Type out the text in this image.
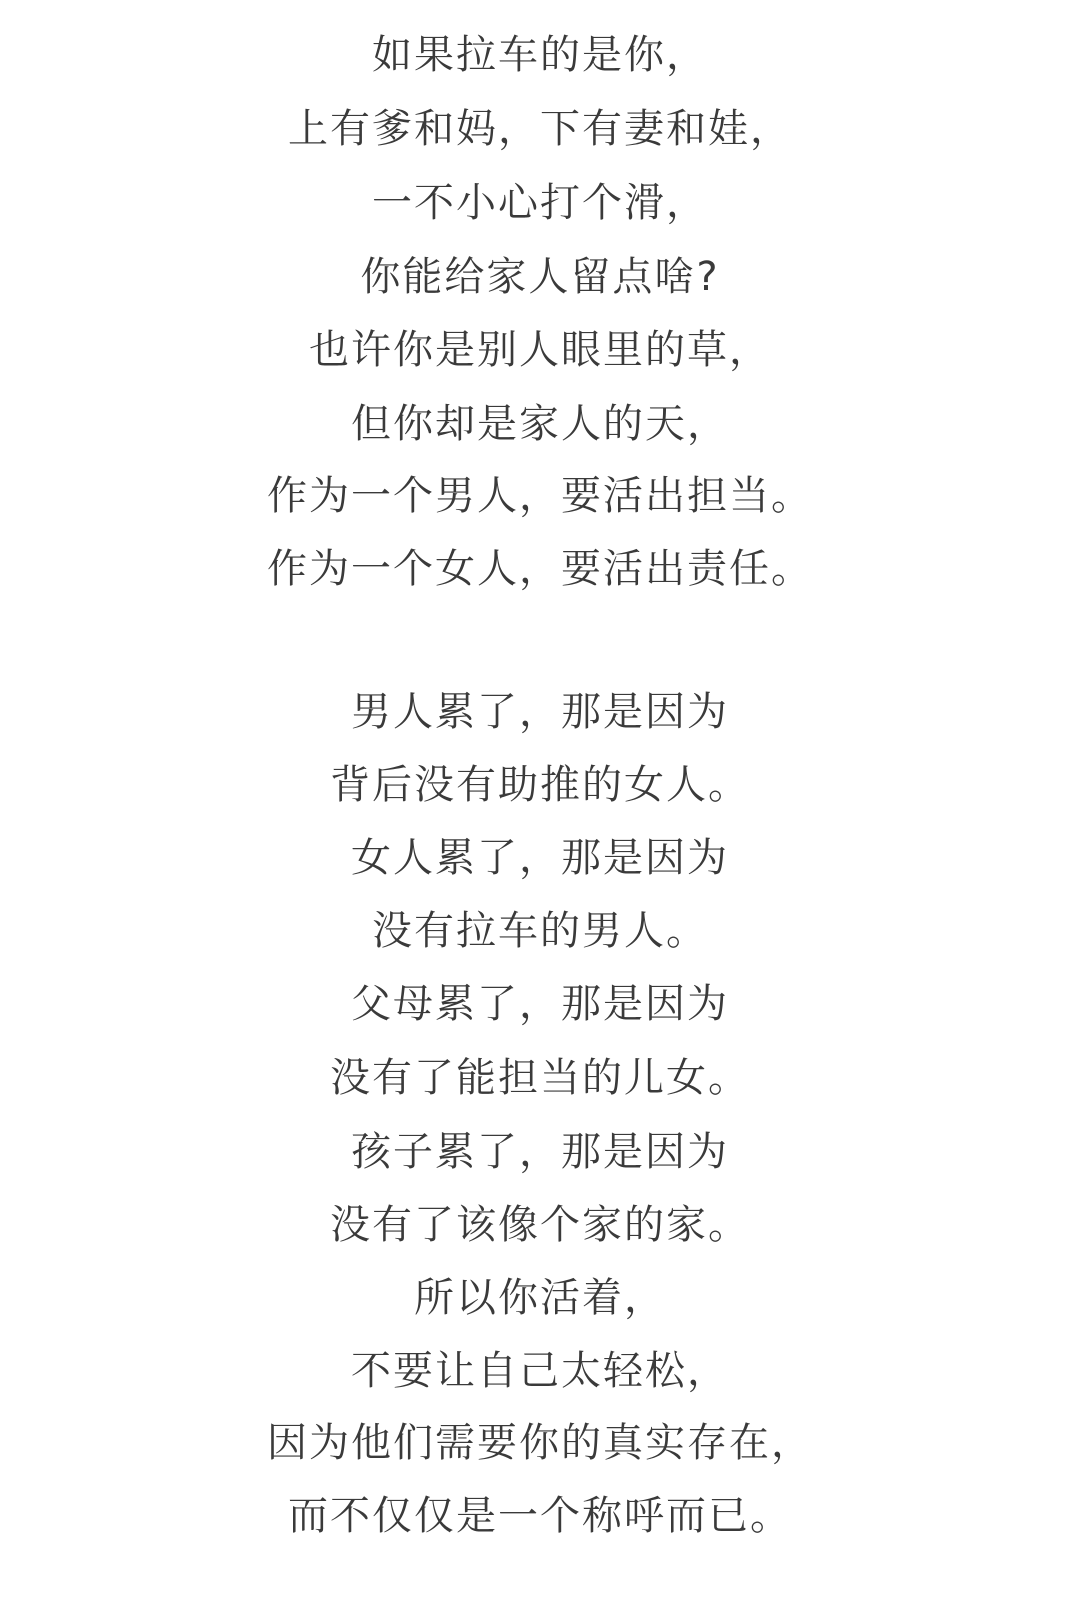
如果拉车的是你，
上有爹和妈，下有妻和娃，
一不小心打个滑，
你能给家人留点啥?
也许你是别人眼里的草，
但你却是家人的天，
作为一个男人，要活出担当。
作为一个女人，要活出责任。
男人累了，那是因为
背后没有助推的女人。
女人累了，那是因为
没有拉车的男人。
父母累了，那是因为
没有了能担当的儿女。
孩子累了，那是因为
没有了该像个家的家。
所以你活着，
不要让自己太轻松，
因为他们需要你的真实存在，
而不仅仅是一个称呼而已。
